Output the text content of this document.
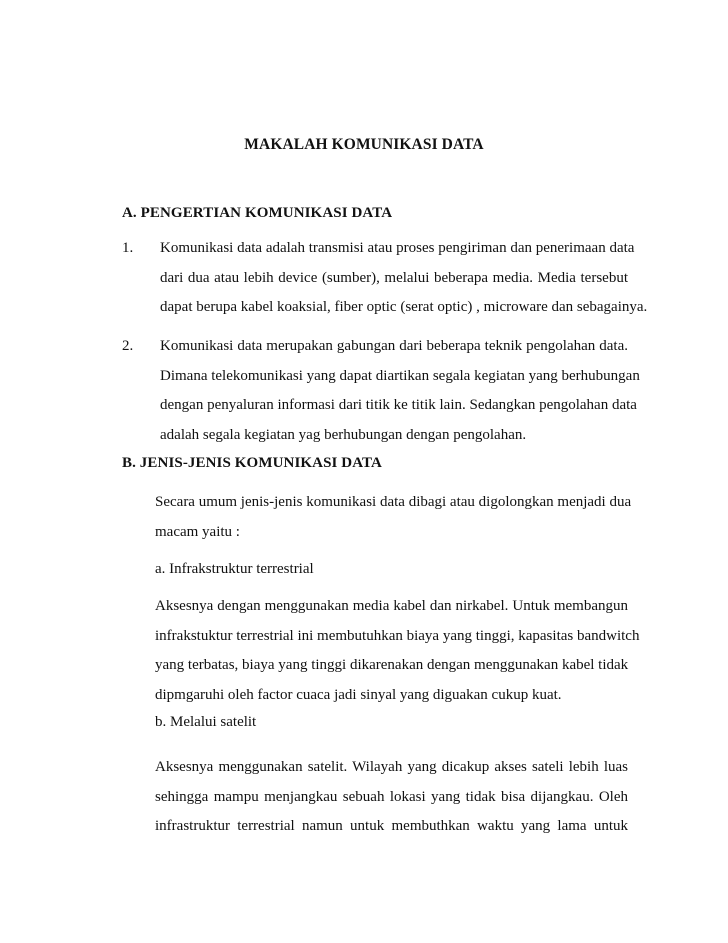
MAKALAH KOMUNIKASI DATA
A. PENGERTIAN KOMUNIKASI DATA
1. Komunikasi data adalah transmisi atau proses pengiriman dan penerimaan data
dari dua atau lebih device (sumber), melalui beberapa media. Media tersebut
dapat berupa kabel koaksial, fiber optic (serat optic) , microware dan sebagainya.
2. Komunikasi data merupakan gabungan dari beberapa teknik pengolahan data.
Dimana telekomunikasi yang dapat diartikan segala kegiatan yang berhubungan
dengan penyaluran informasi dari titik ke titik lain. Sedangkan pengolahan data
adalah segala kegiatan yag berhubungan dengan pengolahan.
B. JENIS-JENIS KOMUNIKASI DATA
Secara umum jenis-jenis komunikasi data dibagi atau digolongkan menjadi dua
macam yaitu :
a. Infrakstruktur terrestrial
Aksesnya dengan menggunakan media kabel dan nirkabel. Untuk membangun
infrakstuktur terrestrial ini membutuhkan biaya yang tinggi, kapasitas bandwitch
yang terbatas, biaya yang tinggi dikarenakan dengan menggunakan kabel tidak
dipmgaruhi oleh factor cuaca jadi sinyal yang diguakan cukup kuat.
b. Melalui satelit
Aksesnya menggunakan satelit. Wilayah yang dicakup akses sateli lebih luas
sehingga mampu menjangkau sebuah lokasi yang tidak bisa dijangkau. Oleh
infrastruktur terrestrial namun untuk membuthkan waktu yang lama untuk
